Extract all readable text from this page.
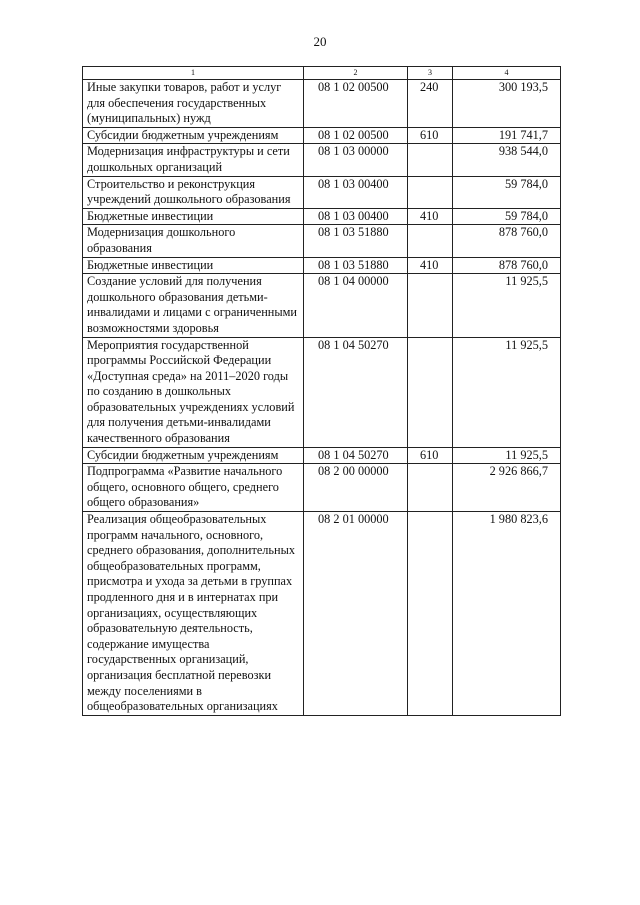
20
1	2	3	4
Иные закупки товаров, работ и услуг для обеспечения государственных (муниципальных) нужд	08 1 02 00500	240	300 193,5
Субсидии бюджетным учреждениям	08 1 02 00500	610	191 741,7
Модернизация инфраструктуры и сети дошкольных организаций	08 1 03 00000		938 544,0
Строительство и реконструкция учреждений дошкольного образования	08 1 03 00400		59 784,0
Бюджетные инвестиции	08 1 03 00400	410	59 784,0
Модернизация дошкольного образования	08 1 03 51880		878 760,0
Бюджетные инвестиции	08 1 03 51880	410	878 760,0
Создание условий для получения дошкольного образования детьми-инвалидами и лицами с ограниченными возможностями здоровья	08 1 04 00000		11 925,5
Мероприятия государственной программы Российской Федерации «Доступная среда» на 2011–2020 годы по созданию в дошкольных образовательных учреждениях условий для получения детьми-инвалидами качественного образования	08 1 04 50270		11 925,5
Субсидии бюджетным учреждениям	08 1 04 50270	610	11 925,5
Подпрограмма «Развитие начального общего, основного общего, среднего общего образования»	08 2 00 00000		2 926 866,7
Реализация общеобразовательных программ начального, основного, среднего образования, дополнительных общеобразовательных программ, присмотра и ухода за детьми в группах продленного дня и в интернатах при организациях, осуществляющих образовательную деятельность, содержание имущества государственных организаций, организация бесплатной перевозки между поселениями в общеобразовательных организациях	08 2 01 00000		1 980 823,6
